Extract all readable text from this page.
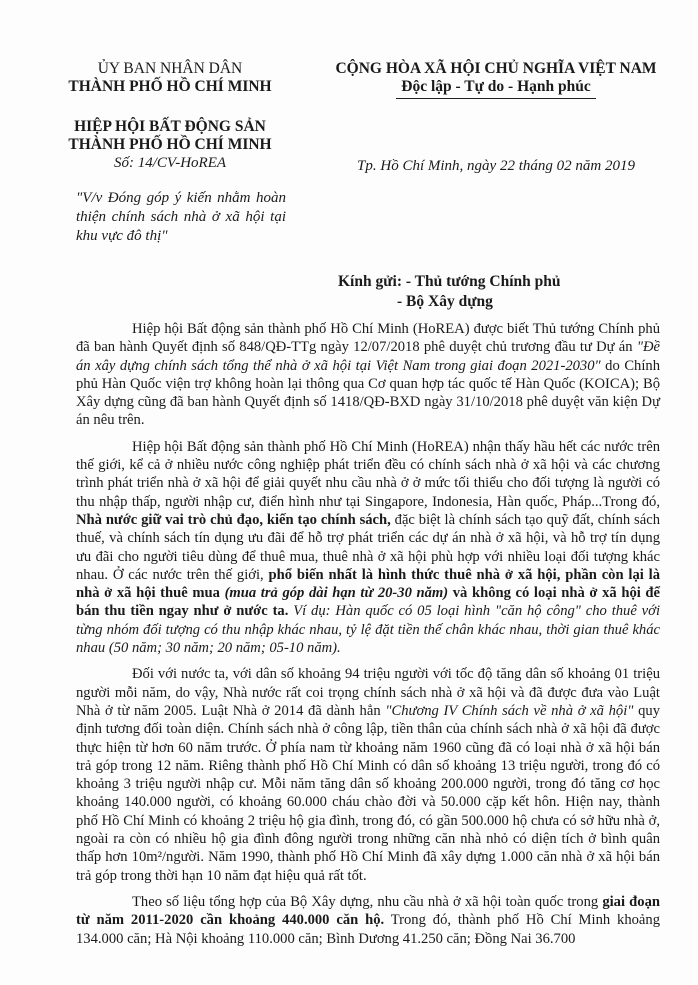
ỦY BAN NHÂN DÂN
THÀNH PHỐ HỒ CHÍ MINH
HIỆP HỘI BẤT ĐỘNG SẢN
THÀNH PHỐ HỒ CHÍ MINH
Số: 14/CV-HoREA
"V/v Đóng góp ý kiến nhằm hoàn thiện chính sách nhà ở xã hội tại khu vực đô thị"
CỘNG HÒA XÃ HỘI CHỦ NGHĨA VIỆT NAM
Độc lập - Tự do - Hạnh phúc
Tp. Hồ Chí Minh, ngày 22 tháng 02 năm 2019
Kính gửi: - Thủ tướng Chính phủ
- Bộ Xây dựng

Hiệp hội Bất động sản thành phố Hồ Chí Minh (HoREA) được biết Thủ tướng Chính phủ đã ban hành Quyết định số 848/QĐ-TTg ngày 12/07/2018 phê duyệt chủ trương đầu tư Dự án "Đề án xây dựng chính sách tổng thể nhà ở xã hội tại Việt Nam trong giai đoạn 2021-2030" do Chính phủ Hàn Quốc viện trợ không hoàn lại thông qua Cơ quan hợp tác quốc tế Hàn Quốc (KOICA); Bộ Xây dựng cũng đã ban hành Quyết định số 1418/QĐ-BXD ngày 31/10/2018 phê duyệt văn kiện Dự án nêu trên.

Hiệp hội Bất động sản thành phố Hồ Chí Minh (HoREA) nhận thấy hầu hết các nước trên thế giới, kể cả ở nhiều nước công nghiệp phát triển đều có chính sách nhà ở xã hội và các chương trình phát triển nhà ở xã hội để giải quyết nhu cầu nhà ở ở mức tối thiểu cho đối tượng là người có thu nhập thấp, người nhập cư, điển hình như tại Singapore, Indonesia, Hàn quốc, Pháp...Trong đó, Nhà nước giữ vai trò chủ đạo, kiến tạo chính sách, đặc biệt là chính sách tạo quỹ đất, chính sách thuế, và chính sách tín dụng ưu đãi để hỗ trợ phát triển các dự án nhà ở xã hội, và hỗ trợ tín dụng ưu đãi cho người tiêu dùng để thuê mua, thuê nhà ở xã hội phù hợp với nhiều loại đối tượng khác nhau. Ở các nước trên thế giới, phổ biến nhất là hình thức thuê nhà ở xã hội, phần còn lại là nhà ở xã hội thuê mua (mua trả góp dài hạn từ 20-30 năm) và không có loại nhà ở xã hội để bán thu tiền ngay như ở nước ta. Ví dụ: Hàn quốc có 05 loại hình "căn hộ công" cho thuê với từng nhóm đối tượng có thu nhập khác nhau, tỷ lệ đặt tiền thế chân khác nhau, thời gian thuê khác nhau (50 năm; 30 năm; 20 năm; 05-10 năm).

Đối với nước ta, với dân số khoảng 94 triệu người với tốc độ tăng dân số khoảng 01 triệu người mỗi năm, do vậy, Nhà nước rất coi trọng chính sách nhà ở xã hội và đã được đưa vào Luật Nhà ở từ năm 2005. Luật Nhà ở 2014 đã dành hẳn "Chương IV Chính sách về nhà ở xã hội" quy định tương đối toàn diện. Chính sách nhà ở công lập, tiền thân của chính sách nhà ở xã hội đã được thực hiện từ hơn 60 năm trước. Ở phía nam từ khoảng năm 1960 cũng đã có loại nhà ở xã hội bán trả góp trong 12 năm. Riêng thành phố Hồ Chí Minh có dân số khoảng 13 triệu người, trong đó có khoảng 3 triệu người nhập cư. Mỗi năm tăng dân số khoảng 200.000 người, trong đó tăng cơ học khoảng 140.000 người, có khoảng 60.000 cháu chào đời và 50.000 cặp kết hôn. Hiện nay, thành phố Hồ Chí Minh có khoảng 2 triệu hộ gia đình, trong đó, có gần 500.000 hộ chưa có sở hữu nhà ở, ngoài ra còn có nhiều hộ gia đình đông người trong những căn nhà nhỏ có diện tích ở bình quân thấp hơn 10m²/người. Năm 1990, thành phố Hồ Chí Minh đã xây dựng 1.000 căn nhà ở xã hội bán trả góp trong thời hạn 10 năm đạt hiệu quả rất tốt.

Theo số liệu tổng hợp của Bộ Xây dựng, nhu cầu nhà ở xã hội toàn quốc trong giai đoạn từ năm 2011-2020 cần khoảng 440.000 căn hộ. Trong đó, thành phố Hồ Chí Minh khoảng 134.000 căn; Hà Nội khoảng 110.000 căn; Bình Dương 41.250 căn; Đồng Nai 36.700
